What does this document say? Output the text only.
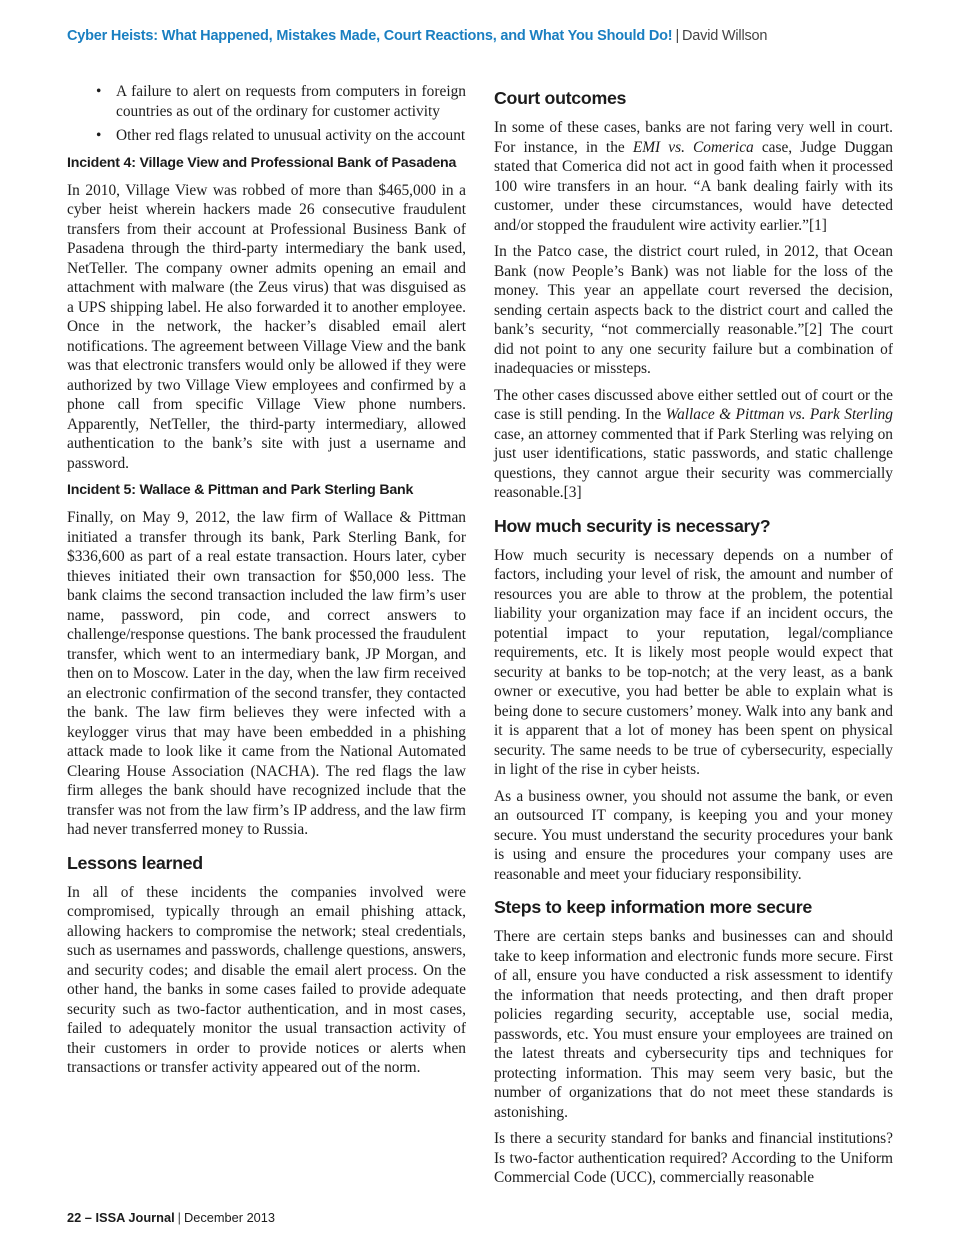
Cyber Heists: What Happened, Mistakes Made, Court Reactions, and What You Should Do! | David Willson
• A failure to alert on requests from computers in foreign countries as out of the ordinary for customer activity
• Other red flags related to unusual activity on the account
Incident 4: Village View and Professional Bank of Pasadena

In 2010, Village View was robbed of more than $465,000 in a cyber heist wherein hackers made 26 consecutive fraudulent transfers from their account at Professional Business Bank of Pasadena through the third-party intermediary the bank used, NetTeller. The company owner admits opening an email and attachment with malware (the Zeus virus) that was disguised as a UPS shipping label. He also forwarded it to another employee. Once in the network, the hacker’s disabled email alert notifications. The agreement between Village View and the bank was that electronic transfers would only be allowed if they were authorized by two Village View employees and confirmed by a phone call from specific Village View phone numbers. Apparently, NetTeller, the third-party intermediary, allowed authentication to the bank’s site with just a username and password.

Incident 5: Wallace & Pittman and Park Sterling Bank

Finally, on May 9, 2012, the law firm of Wallace & Pittman initiated a transfer through its bank, Park Sterling Bank, for $336,600 as part of a real estate transaction. Hours later, cyber thieves initiated their own transaction for $50,000 less. The bank claims the second transaction included the law firm’s user name, password, pin code, and correct answers to challenge/response questions. The bank processed the fraudulent transfer, which went to an intermediary bank, JP Morgan, and then on to Moscow. Later in the day, when the law firm received an electronic confirmation of the second transfer, they contacted the bank. The law firm believes they were infected with a keylogger virus that may have been embedded in a phishing attack made to look like it came from the National Automated Clearing House Association (NACHA). The red flags the law firm alleges the bank should have recognized include that the transfer was not from the law firm’s IP address, and the law firm had never transferred money to Russia.

Lessons learned

In all of these incidents the companies involved were compromised, typically through an email phishing attack, allowing hackers to compromise the network; steal credentials, such as usernames and passwords, challenge questions, answers, and security codes; and disable the email alert process. On the other hand, the banks in some cases failed to provide adequate security such as two-factor authentication, and in most cases, failed to adequately monitor the usual transaction activity of their customers in order to provide notices or alerts when transactions or transfer activity appeared out of the norm.

Court outcomes

In some of these cases, banks are not faring very well in court. For instance, in the EMI vs. Comerica case, Judge Duggan stated that Comerica did not act in good faith when it processed 100 wire transfers in an hour. “A bank dealing fairly with its customer, under these circumstances, would have detected and/or stopped the fraudulent wire activity earlier.”[1]

In the Patco case, the district court ruled, in 2012, that Ocean Bank (now People’s Bank) was not liable for the loss of the money. This year an appellate court reversed the decision, sending certain aspects back to the district court and called the bank’s security, “not commercially reasonable.”[2] The court did not point to any one security failure but a combination of inadequacies or missteps.

The other cases discussed above either settled out of court or the case is still pending. In the Wallace & Pittman vs. Park Sterling case, an attorney commented that if Park Sterling was relying on just user identifications, static passwords, and static challenge questions, they cannot argue their security was commercially reasonable.[3]

How much security is necessary?

How much security is necessary depends on a number of factors, including your level of risk, the amount and number of resources you are able to throw at the problem, the potential liability your organization may face if an incident occurs, the potential impact to your reputation, legal/compliance requirements, etc. It is likely most people would expect that security at banks to be top-notch; at the very least, as a bank owner or executive, you had better be able to explain what is being done to secure customers’ money. Walk into any bank and it is apparent that a lot of money has been spent on physical security. The same needs to be true of cybersecurity, especially in light of the rise in cyber heists.

As a business owner, you should not assume the bank, or even an outsourced IT company, is keeping you and your money secure. You must understand the security procedures your bank is using and ensure the procedures your company uses are reasonable and meet your fiduciary responsibility.

Steps to keep information more secure

There are certain steps banks and businesses can and should take to keep information and electronic funds more secure. First of all, ensure you have conducted a risk assessment to identify the information that needs protecting, and then draft proper policies regarding security, acceptable use, social media, passwords, etc. You must ensure your employees are trained on the latest threats and cybersecurity tips and techniques for protecting information. This may seem very basic, but the number of organizations that do not meet these standards is astonishing.

Is there a security standard for banks and financial institutions? Is two-factor authentication required? According to the Uniform Commercial Code (UCC), commercially reasonable

22 – ISSA Journal | December 2013
